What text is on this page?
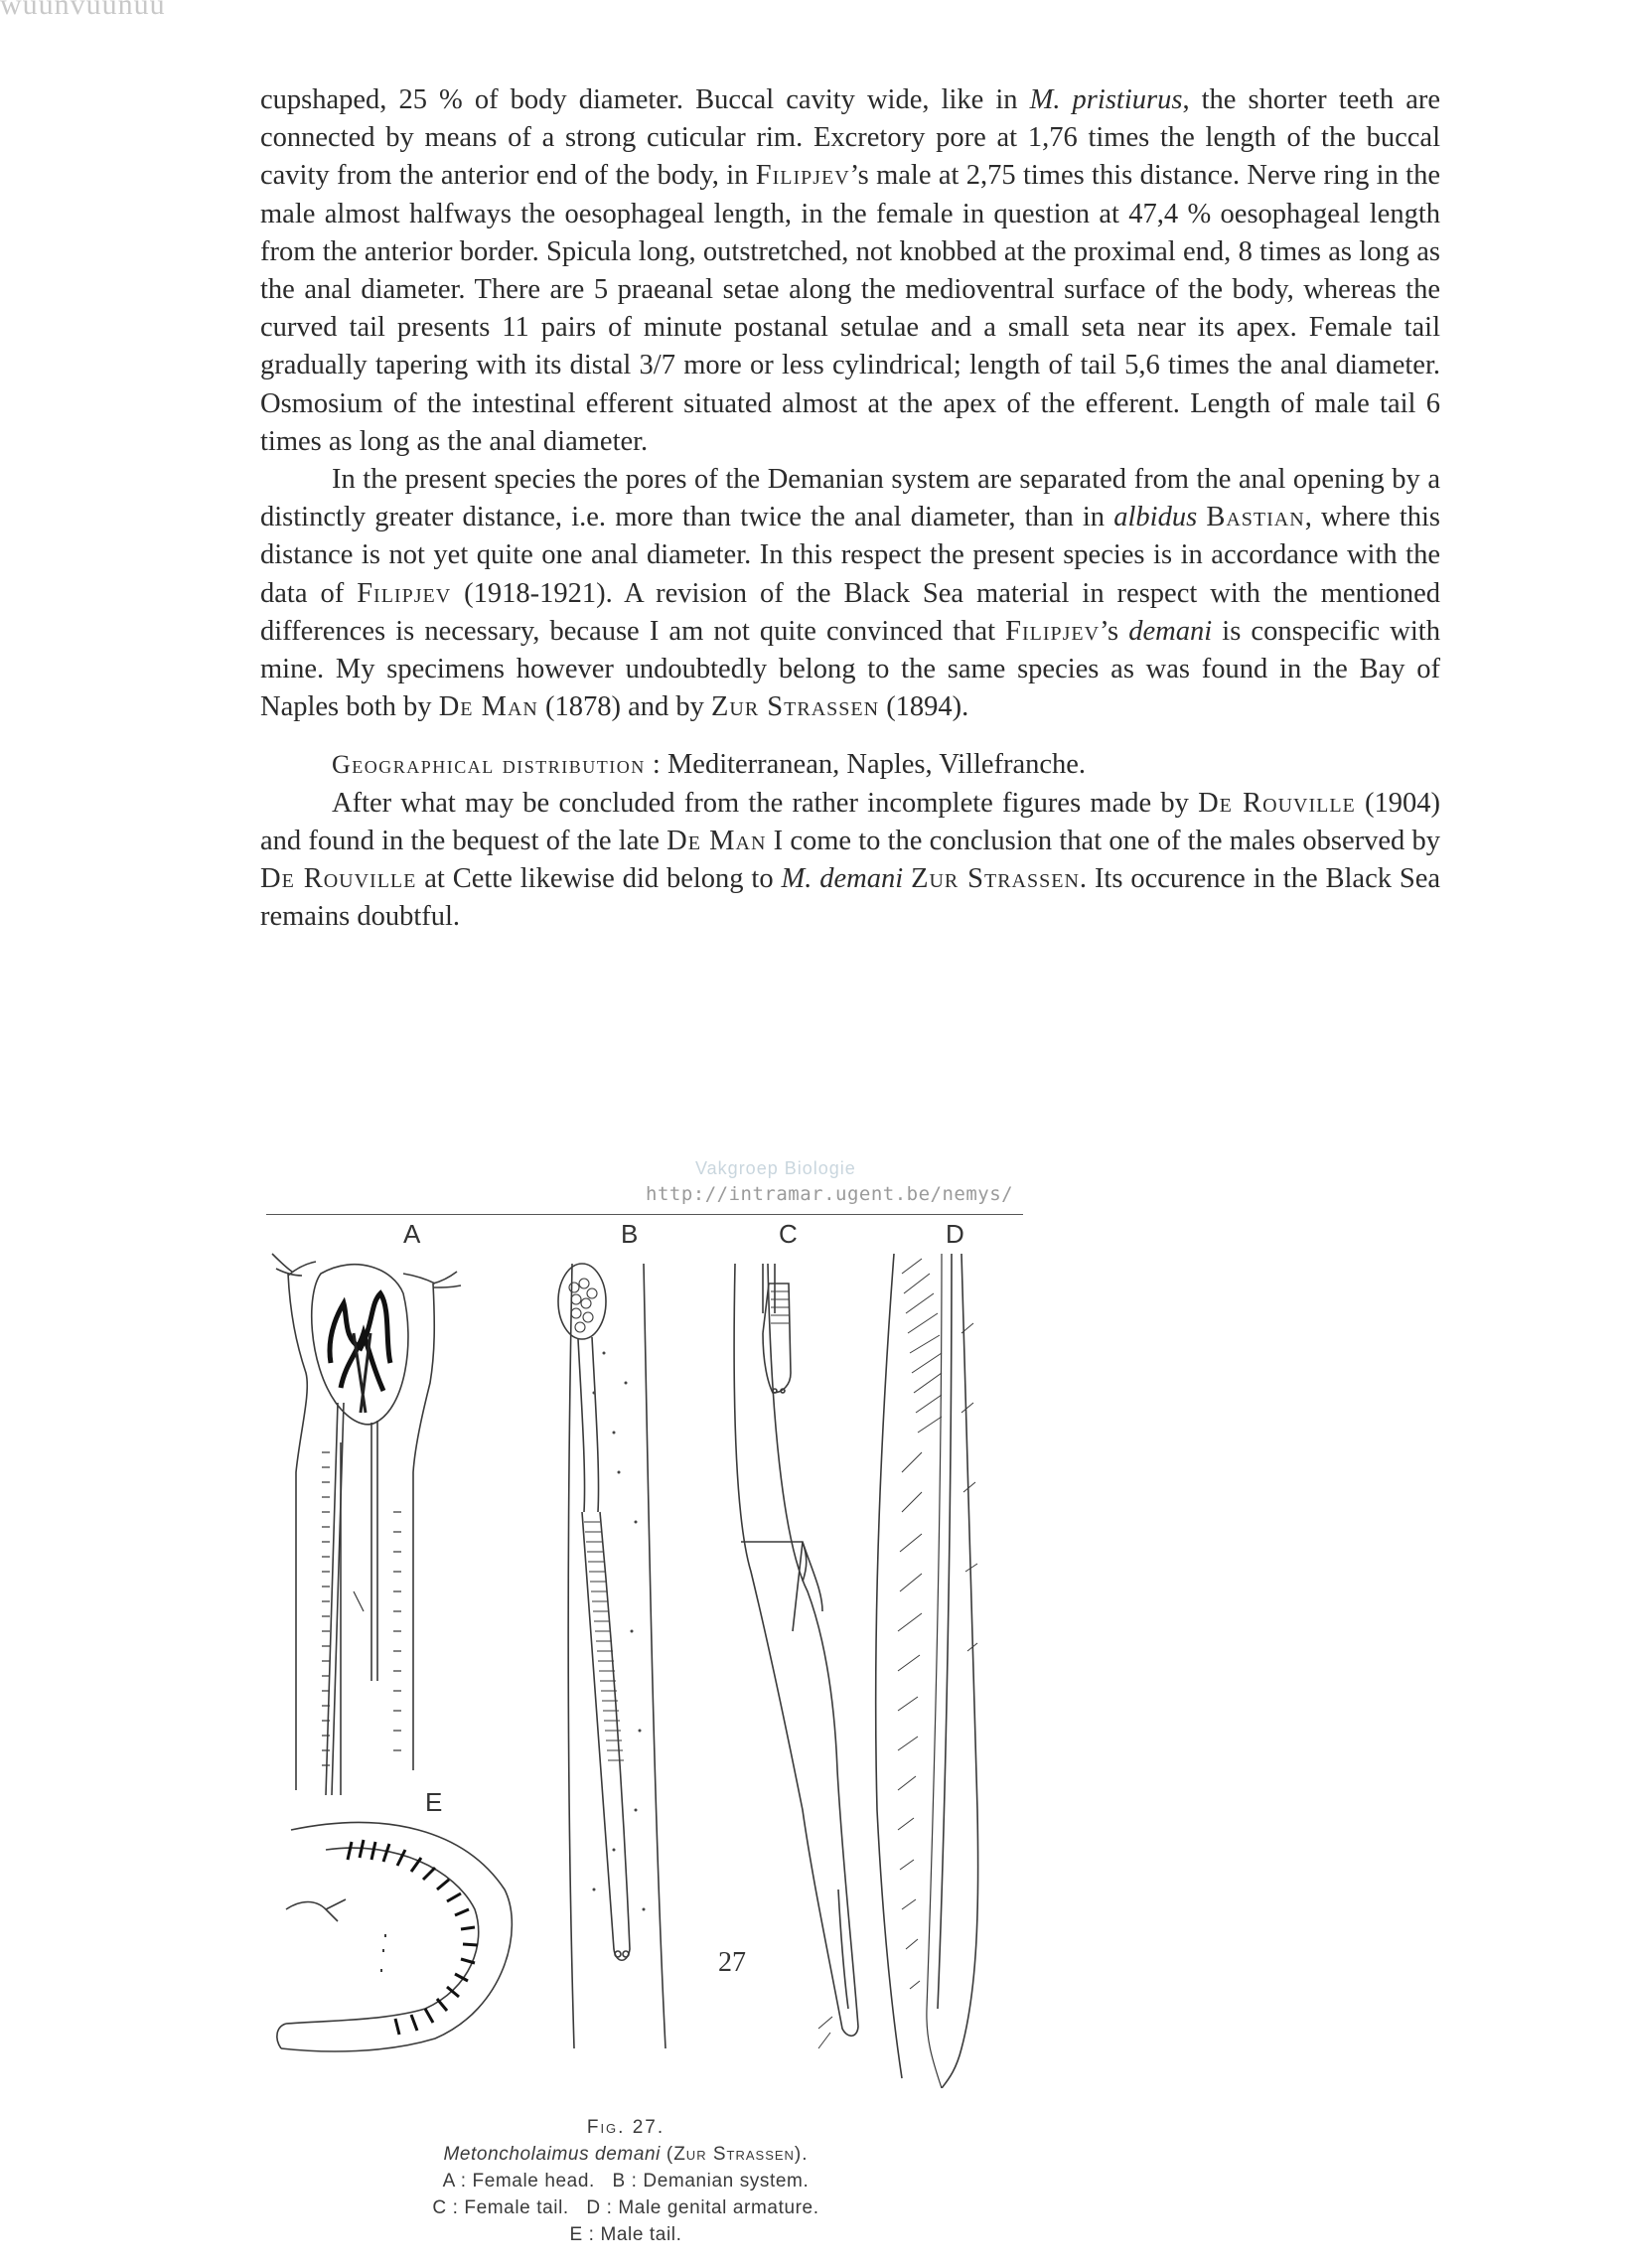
wuunvuunuu

cupshaped, 25 % of body diameter. Buccal cavity wide, like in M. pristiurus, the shorter teeth are connected by means of a strong cuticular rim. Excretory pore at 1,76 times the length of the buccal cavity from the anterior end of the body, in Filipjev’s male at 2,75 times this distance. Nerve ring in the male almost halfways the oesophageal length, in the female in question at 47,4 % oesophageal length from the anterior border. Spicula long, outstretched, not knobbed at the proximal end, 8 times as long as the anal diameter. There are 5 praeanal setae along the medioventral surface of the body, whereas the curved tail presents 11 pairs of minute postanal setulae and a small seta near its apex. Female tail gradually tapering with its distal 3/7 more or less cylindrical; length of tail 5,6 times the anal diameter. Osmosium of the intestinal efferent situated almost at the apex of the efferent. Length of male tail 6 times as long as the anal diameter.

In the present species the pores of the Demanian system are separated from the anal opening by a distinctly greater distance, i.e. more than twice the anal diameter, than in albidus Bastian, where this distance is not yet quite one anal diameter. In this respect the present species is in accordance with the data of Filipjev (1918-1921). A revision of the Black Sea material in respect with the mentioned differences is necessary, because I am not quite convinced that Filipjev’s demani is conspecific with mine. My specimens however undoubtedly belong to the same species as was found in the Bay of Naples both by De Man (1878) and by Zur Strassen (1894).

Geographical distribution : Mediterranean, Naples, Villefranche.

After what may be concluded from the rather incomplete figures made by De Rouville (1904) and found in the bequest of the late De Man I come to the conclusion that one of the males observed by De Rouville at Cette likewise did belong to M. demani Zur Strassen. Its occurence in the Black Sea remains doubtful.

Vakgroep Biologie
http://intramar.ugent.be/nemys/
A	B	C	D
E
27
Fig. 27.
Metoncholaimus demani (Zur Strassen).
A : Female head.   B : Demanian system.
C : Female tail.   D : Male genital armature.
E : Male tail.
